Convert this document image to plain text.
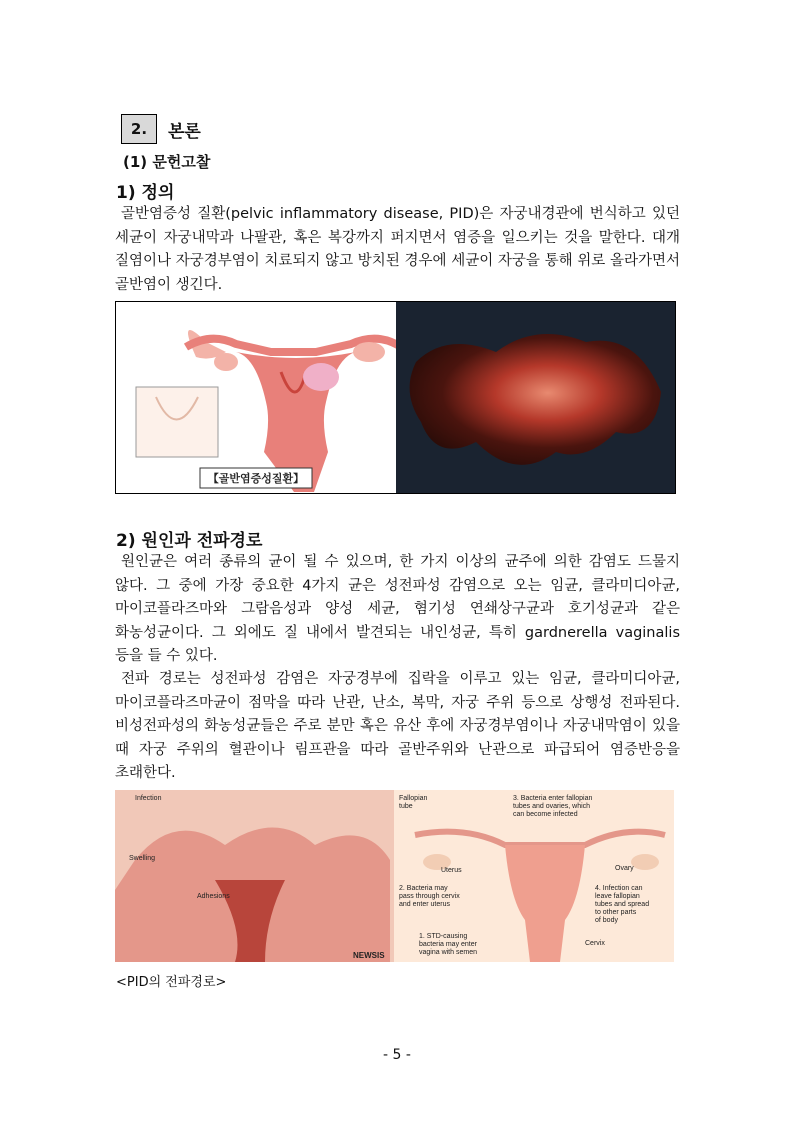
2. 본론
(1) 문헌고찰
1) 정의

골반염증성 질환(pelvic inflammatory disease, PID)은 자궁내경관에 번식하고 있던 세균이 자궁내막과 나팔관, 혹은 복강까지 퍼지면서 염증을 일으키는 것을 말한다. 대개 질염이나 자궁경부염이 치료되지 않고 방치된 경우에 세균이 자궁을 통해 위로 올라가면서 골반염이 생긴다.

【골반염증성질환】
2) 원인과 전파경로

원인균은 여러 종류의 균이 될 수 있으며, 한 가지 이상의 균주에 의한 감염도 드물지 않다. 그 중에 가장 중요한 4가지 균은 성전파성 감염으로 오는 임균, 클라미디아균, 마이코플라즈마와 그람음성과 양성 세균, 혐기성 연쇄상구균과 호기성균과 같은 화농성균이다. 그 외에도 질 내에서 발견되는 내인성균, 특히 gardnerella vaginalis 등을 들 수 있다.

전파 경로는 성전파성 감염은 자궁경부에 집락을 이루고 있는 임균, 클라미디아균, 마이코플라즈마균이 점막을 따라 난관, 난소, 복막, 자궁 주위 등으로 상행성 전파된다. 비성전파성의 화농성균들은 주로 분만 혹은 유산 후에 자궁경부염이나 자궁내막염이 있을 때 자궁 주위의 혈관이나 림프관을 따라 골반주위와 난관으로 파급되어 염증반응을 초래한다.

Infection
Swelling
Adhesions
NEWSIS
Fallopian
tube
3. Bacteria enter fallopian
tubes and ovaries, which
can become infected
Ovary
Uterus
2. Bacteria may
pass through cervix
and enter uterus
4. Infection can
leave fallopian
tubes and spread
to other parts
of body
1. STD-causing
bacteria may enter
vagina with semen
Cervix
<PID의 전파경로>
- 5 -
